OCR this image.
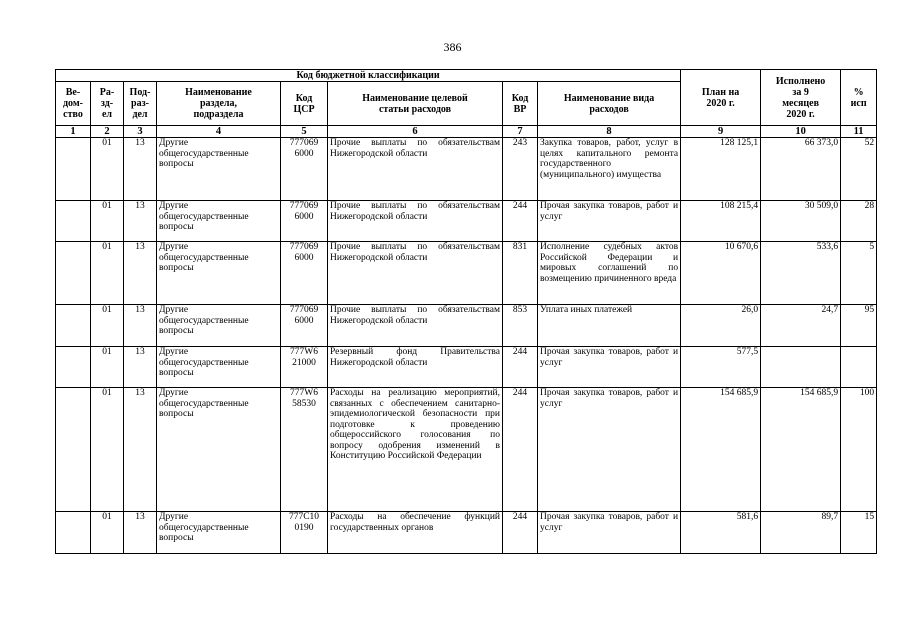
386
Код бюджетной классификации								План на
2020 г.	Исполнено
за 9
месяцев
2020 г.	%
исп
Ве-
дом-
ство	Ра-
зд-
ел	Под-
раз-
дел	Наименование
раздела,
подраздела	Код
ЦСР	Наименование целевой
статьи расходов	Код
ВР	Наименование вида
расходов			
1	2	3	4	5	6	7	8	9	10	11
	01	13	Другие общегосударственные вопросы	777069 6000	Прочие выплаты по обязательствам Нижегородской области	243	Закупка товаров, работ, услуг в целях капитального ремонта государственного (муниципального) имущества	128 125,1	66 373,0	52
	01	13	Другие общегосударственные вопросы	777069 6000	Прочие выплаты по обязательствам Нижегородской области	244	Прочая закупка товаров, работ и услуг	108 215,4	30 509,0	28
	01	13	Другие общегосударственные вопросы	777069 6000	Прочие выплаты по обязательствам Нижегородской области	831	Исполнение судебных актов Российской Федерации и мировых соглашений по возмещению причиненного вреда	10 670,6	533,6	5
	01	13	Другие общегосударственные вопросы	777069 6000	Прочие выплаты по обязательствам Нижегородской области	853	Уплата иных платежей	26,0	24,7	95
	01	13	Другие общегосударственные вопросы	777W6 21000	Резервный фонд Правительства Нижегородской области	244	Прочая закупка товаров, работ и услуг	577,5		
	01	13	Другие общегосударственные вопросы	777W6 58530	Расходы на реализацию мероприятий, связанных с обеспечением санитарно-эпидемиологической безопасности при подготовке к проведению общероссийского голосования по вопросу одобрения изменений в Конституцию Российской Федерации	244	Прочая закупка товаров, работ и услуг	154 685,9	154 685,9	100
	01	13	Другие общегосударственные вопросы	777C10 0190	Расходы на обеспечение функций государственных органов	244	Прочая закупка товаров, работ и услуг	581,6	89,7	15
